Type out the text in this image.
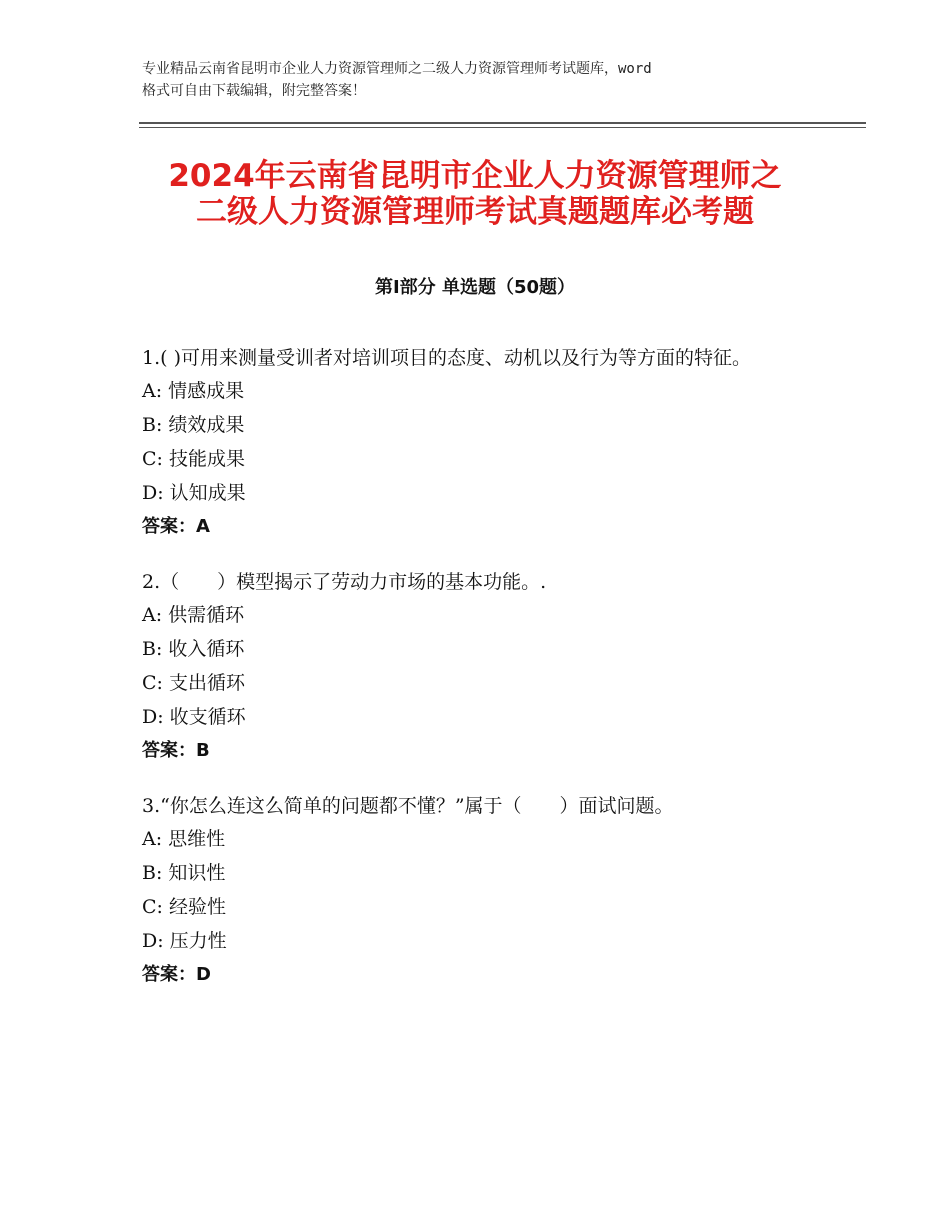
专业精品云南省昆明市企业人力资源管理师之二级人力资源管理师考试题库，word
格式可自由下载编辑，附完整答案！
2024年云南省昆明市企业人力资源管理师之
二级人力资源管理师考试真题题库必考题
第Ⅰ部分 单选题（50题）
1.( )可用来测量受训者对培训项目的态度、动机以及行为等方面的特征。
A: 情感成果
B: 绩效成果
C: 技能成果
D: 认知成果
答案：A
2.（　　）模型揭示了劳动力市场的基本功能。.
A: 供需循环
B: 收入循环
C: 支出循环
D: 收支循环
答案：B
3.“你怎么连这么简单的问题都不懂？”属于（　　）面试问题。
A: 思维性
B: 知识性
C: 经验性
D: 压力性
答案：D
